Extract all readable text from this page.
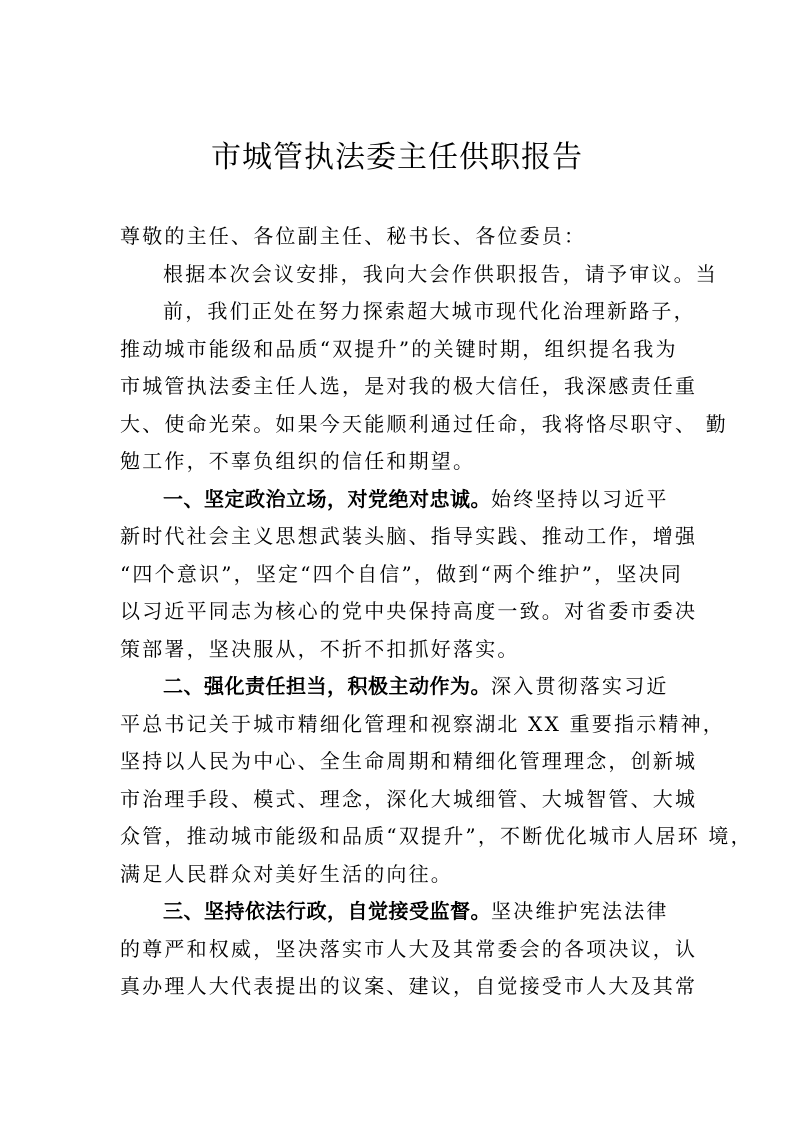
市城管执法委主任供职报告
尊敬的主任、各位副主任、秘书长、各位委员：
根据本次会议安排，我向大会作供职报告，请予审议。当
前，我们正处在努力探索超大城市现代化治理新路子，
推动城市能级和品质“双提升”的关键时期，组织提名我为
市城管执法委主任人选，是对我的极大信任，我深感责任重
大、使命光荣。如果今天能顺利通过任命，我将恪尽职守、 勤
勉工作，不辜负组织的信任和期望。
一、坚定政治立场，对党绝对忠诚。始终坚持以习近平
新时代社会主义思想武装头脑、指导实践、推动工作，增强
“四个意识”，坚定“四个自信”，做到“两个维护”，坚决同
以习近平同志为核心的党中央保持高度一致。对省委市委决
策部署，坚决服从，不折不扣抓好落实。
二、强化责任担当，积极主动作为。深入贯彻落实习近
平总书记关于城市精细化管理和视察湖北 XX 重要指示精神，
坚持以人民为中心、全生命周期和精细化管理理念，创新城
市治理手段、模式、理念，深化大城细管、大城智管、大城
众管，推动城市能级和品质“双提升”，不断优化城市人居环 境，
满足人民群众对美好生活的向往。
三、坚持依法行政，自觉接受监督。坚决维护宪法法律
的尊严和权威，坚决落实市人大及其常委会的各项决议，认
真办理人大代表提出的议案、建议，自觉接受市人大及其常
